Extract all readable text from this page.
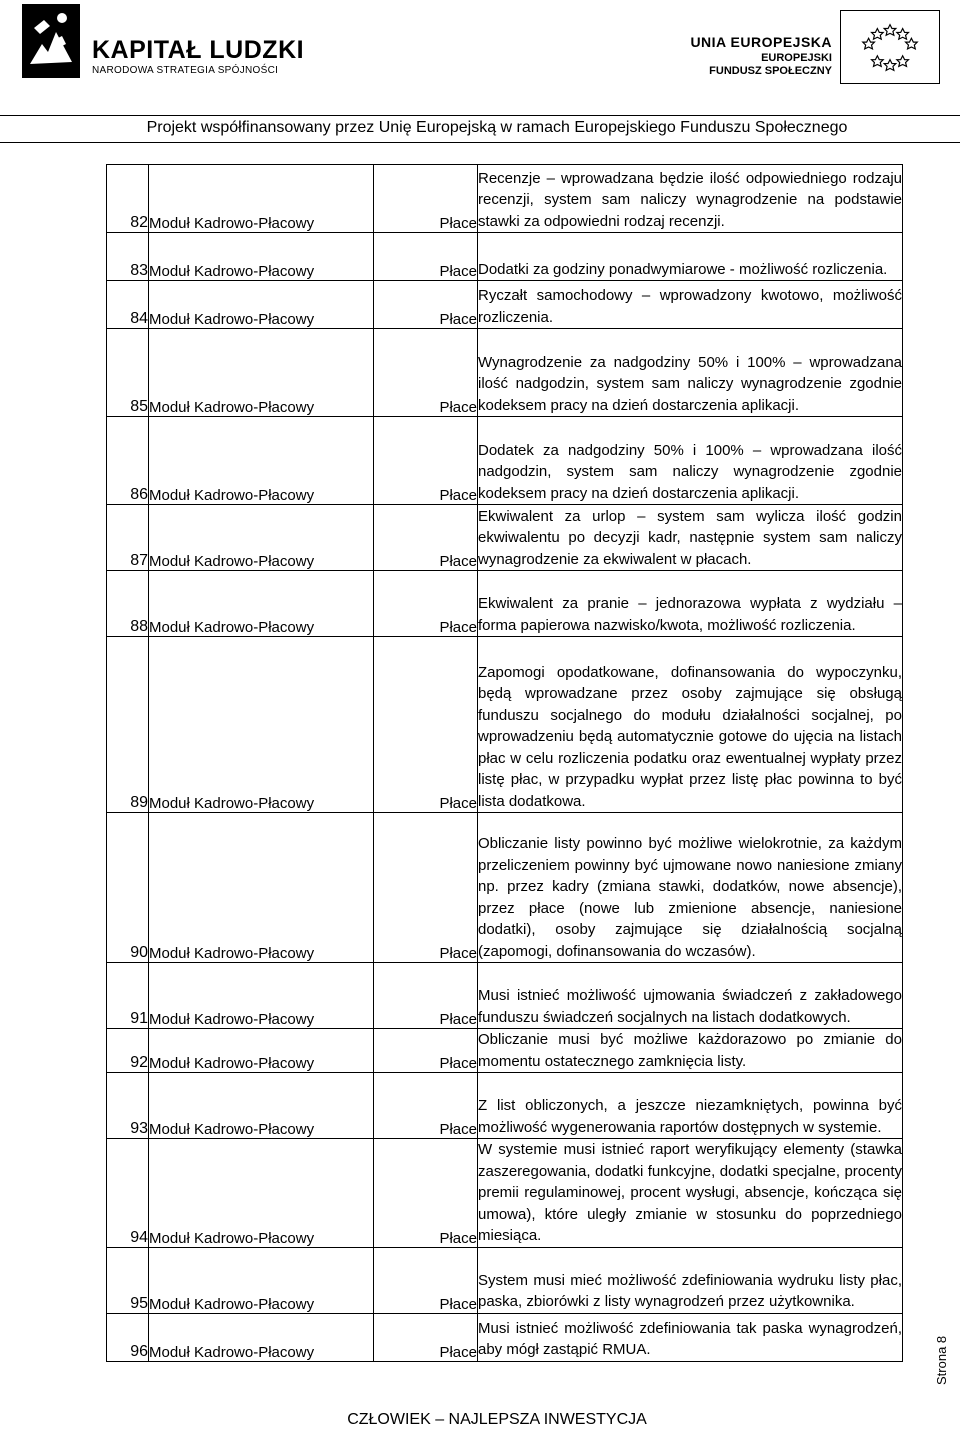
KAPITAŁ LUDZKI
NARODOWA STRATEGIA SPÓJNOŚCI
UNIA EUROPEJSKA
EUROPEJSKI
FUNDUSZ SPOŁECZNY
Projekt współfinansowany przez Unię Europejską w ramach Europejskiego Funduszu Społecznego
82	Moduł Kadrowo-Płacowy	Płace	Recenzje – wprowadzana będzie ilość odpowiedniego rodzaju recenzji, system sam naliczy wynagrodzenie na podstawie stawki za odpowiedni rodzaj recenzji.

83	Moduł Kadrowo-Płacowy	Płace	Dodatki za godziny ponadwymiarowe - możliwość rozliczenia.

84	Moduł Kadrowo-Płacowy	Płace	Ryczałt samochodowy – wprowadzony kwotowo, możliwość rozliczenia.

85	Moduł Kadrowo-Płacowy	Płace	Wynagrodzenie za nadgodziny 50% i 100% – wprowadzana ilość nadgodzin, system sam naliczy wynagrodzenie zgodnie kodeksem pracy na dzień dostarczenia aplikacji.

86	Moduł Kadrowo-Płacowy	Płace	Dodatek za nadgodziny 50% i 100% – wprowadzana ilość nadgodzin, system sam naliczy wynagrodzenie zgodnie kodeksem pracy na dzień dostarczenia aplikacji.

87	Moduł Kadrowo-Płacowy	Płace	Ekwiwalent za urlop – system sam wylicza ilość godzin ekwiwalentu po decyzji kadr, następnie system sam naliczy wynagrodzenie za ekwiwalent w płacach.

88	Moduł Kadrowo-Płacowy	Płace	Ekwiwalent za pranie – jednorazowa wypłata z wydziału – forma papierowa nazwisko/kwota, możliwość rozliczenia.

89	Moduł Kadrowo-Płacowy	Płace	Zapomogi opodatkowane, dofinansowania do wypoczynku, będą wprowadzane przez osoby zajmujące się obsługą funduszu socjalnego do modułu działalności socjalnej, po wprowadzeniu będą automatycznie gotowe do ujęcia na listach płac w celu rozliczenia podatku oraz ewentualnej wypłaty przez listę płac, w przypadku wypłat przez listę płac powinna to być lista dodatkowa.

90	Moduł Kadrowo-Płacowy	Płace	Obliczanie listy powinno być możliwe wielokrotnie, za każdym przeliczeniem powinny być ujmowane nowo naniesione zmiany np. przez kadry (zmiana stawki, dodatków, nowe absencje), przez płace (nowe lub zmienione absencje, naniesione dodatki), osoby zajmujące się działalnością socjalną (zapomogi, dofinansowania do wczasów).

91	Moduł Kadrowo-Płacowy	Płace	Musi istnieć możliwość ujmowania świadczeń z zakładowego funduszu świadczeń socjalnych na listach dodatkowych.

92	Moduł Kadrowo-Płacowy	Płace	Obliczanie musi być możliwe każdorazowo po zmianie do momentu ostatecznego zamknięcia listy.

93	Moduł Kadrowo-Płacowy	Płace	Z list obliczonych, a jeszcze niezamkniętych, powinna być możliwość wygenerowania raportów dostępnych w systemie.

94	Moduł Kadrowo-Płacowy	Płace	W systemie musi istnieć raport weryfikujący elementy (stawka zaszeregowania, dodatki funkcyjne, dodatki specjalne, procenty premii regulaminowej, procent wysługi, absencje, kończąca się umowa), które uległy zmianie w stosunku do poprzedniego miesiąca.

95	Moduł Kadrowo-Płacowy	Płace	System musi mieć możliwość zdefiniowania wydruku listy płac, paska, zbiorówki z listy wynagrodzeń przez użytkownika.

96	Moduł Kadrowo-Płacowy	Płace	Musi istnieć możliwość zdefiniowania tak paska wynagrodzeń, aby mógł zastąpić RMUA.
CZŁOWIEK – NAJLEPSZA INWESTYCJA
Strona 8
